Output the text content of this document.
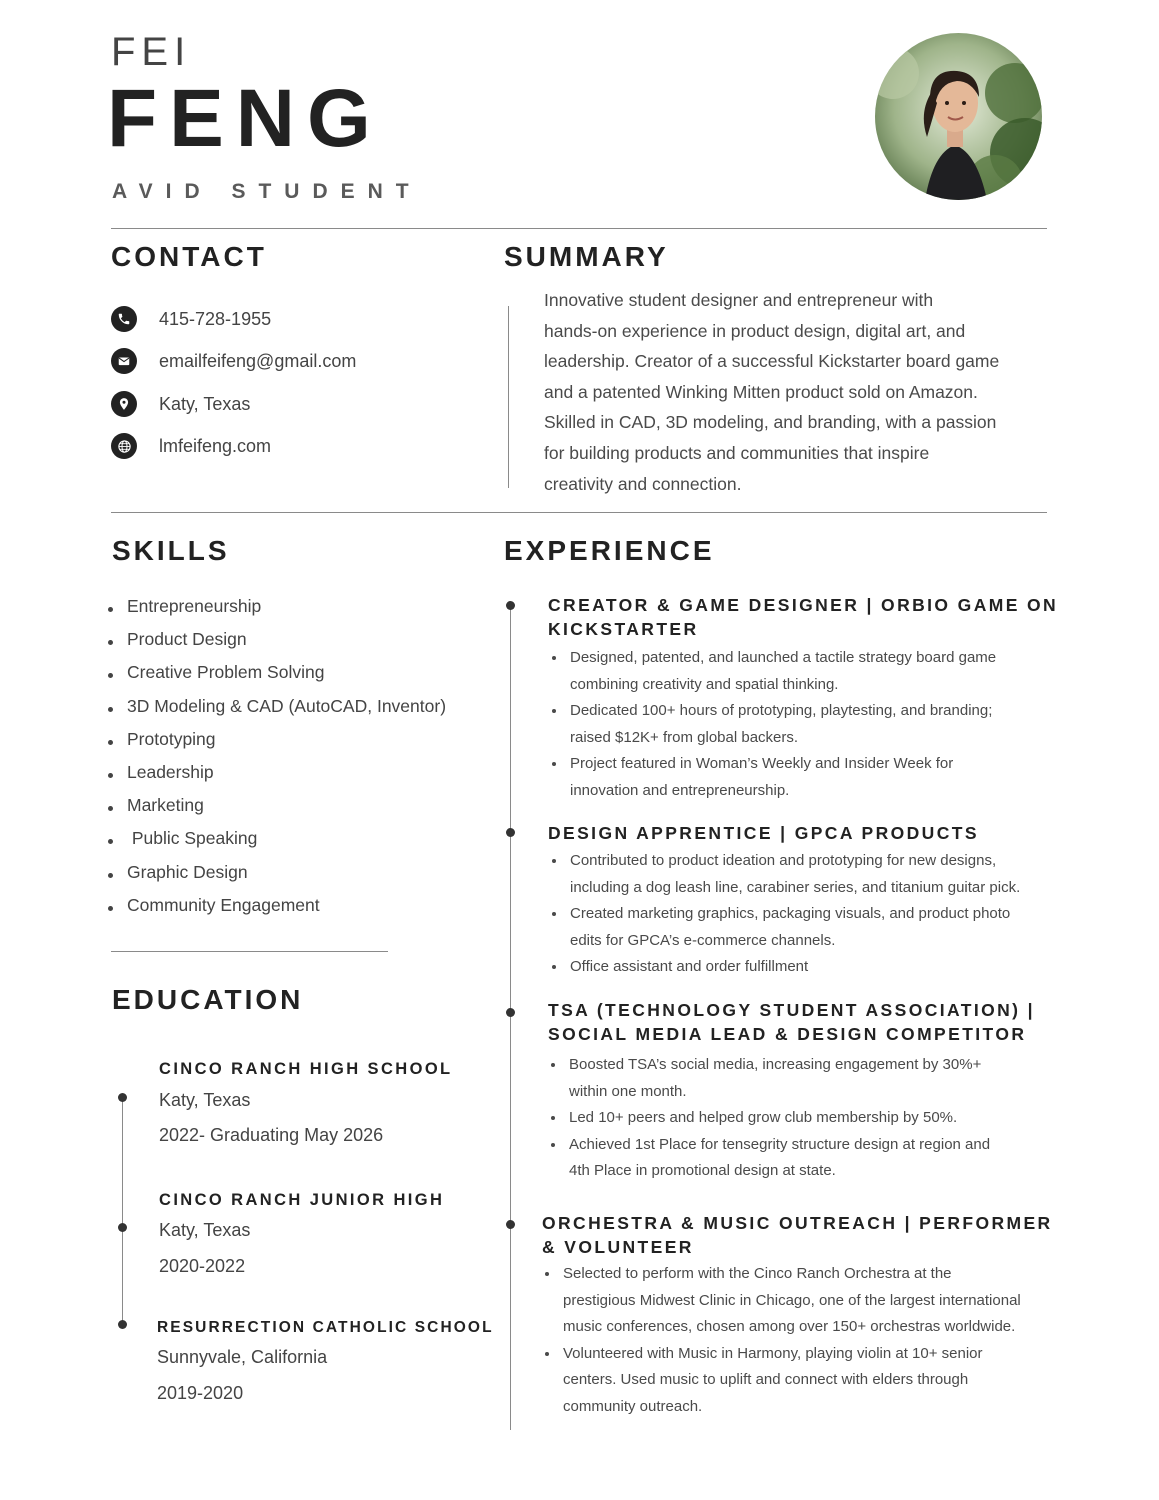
FEI
FENG
AVID STUDENT
CONTACT
415-728-1955
emailfeifeng@gmail.com
Katy, Texas
lmfeifeng.com
SUMMARY
Innovative student designer and entrepreneur with
hands-on experience in product design, digital art, and
leadership. Creator of a successful Kickstarter board game
and a patented Winking Mitten product sold on Amazon.
Skilled in CAD, 3D modeling, and branding, with a passion
for building products and communities that inspire
creativity and connection.
SKILLS
Entrepreneurship
Product Design
Creative Problem Solving
3D Modeling & CAD (AutoCAD, Inventor)
Prototyping
Leadership
Marketing
Public Speaking
Graphic Design
Community Engagement
EDUCATION
CINCO RANCH HIGH SCHOOL
Katy, Texas
2022- Graduating May 2026
CINCO RANCH JUNIOR HIGH
Katy, Texas
2020-2022
RESURRECTION CATHOLIC SCHOOL
Sunnyvale, California
2019-2020
EXPERIENCE
CREATOR & GAME DESIGNER | ORBIO GAME ON
KICKSTARTER
Designed, patented, and launched a tactile strategy board game
combining creativity and spatial thinking.
Dedicated 100+ hours of prototyping, playtesting, and branding;
raised $12K+ from global backers.
Project featured in Woman’s Weekly and Insider Week for
innovation and entrepreneurship.
DESIGN APPRENTICE | GPCA PRODUCTS
Contributed to product ideation and prototyping for new designs,
including a dog leash line, carabiner series, and titanium guitar pick.
Created marketing graphics, packaging visuals, and product photo
edits for GPCA’s e-commerce channels.
Office assistant and order fulfillment
TSA (TECHNOLOGY STUDENT ASSOCIATION) |
SOCIAL MEDIA LEAD & DESIGN COMPETITOR
Boosted TSA’s social media, increasing engagement by 30%+
within one month.
Led 10+ peers and helped grow club membership by 50%.
Achieved 1st Place for tensegrity structure design at region and
4th Place in promotional design at state.
ORCHESTRA & MUSIC OUTREACH | PERFORMER
& VOLUNTEER
Selected to perform with the Cinco Ranch Orchestra at the
prestigious Midwest Clinic in Chicago, one of the largest international
music conferences, chosen among over 150+ orchestras worldwide.
Volunteered with Music in Harmony, playing violin at 10+ senior
centers. Used music to uplift and connect with elders through
community outreach.
